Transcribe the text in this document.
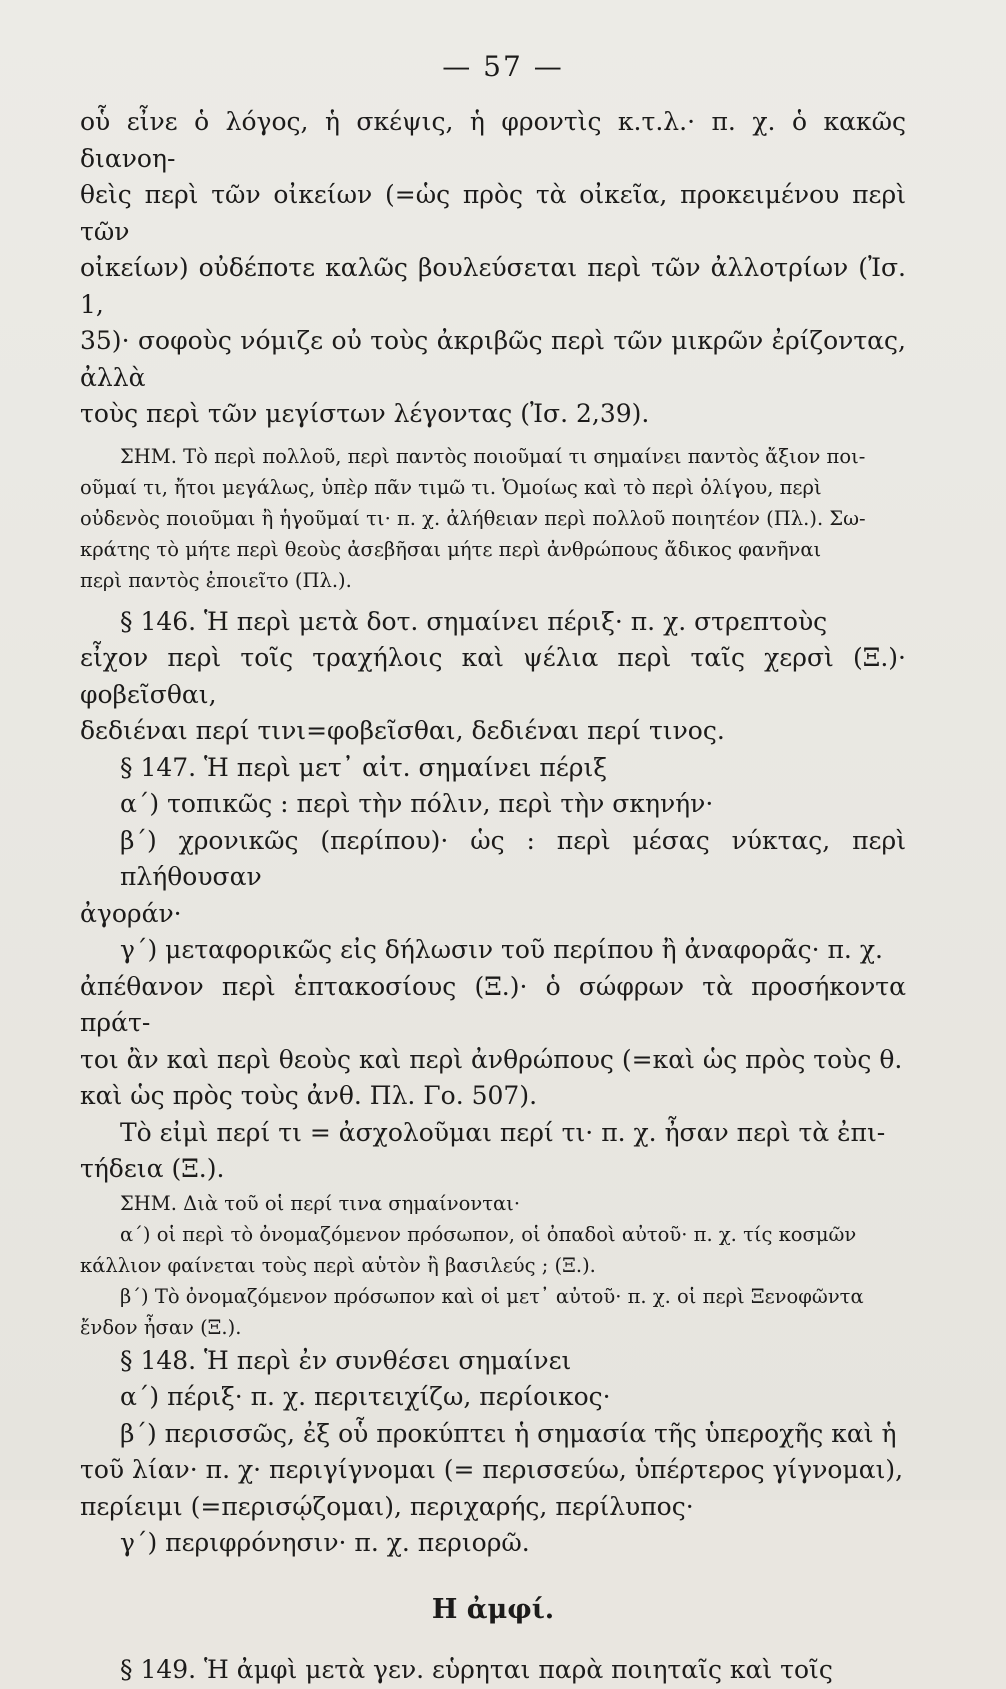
— 57 —

οὗ εἶνε ὁ λόγος, ἡ σκέψις, ἡ φροντὶς κ.τ.λ.· π. χ. ὁ κακῶς διανοη-

θεὶς περὶ τῶν οἰκείων (=ὡς πρὸς τὰ οἰκεῖα, προκειμένου περὶ τῶν

οἰκείων) οὐδέποτε καλῶς βουλεύσεται περὶ τῶν ἀλλοτρίων (Ἰσ. 1,

35)· σοφοὺς νόμιζε οὐ τοὺς ἀκριβῶς περὶ τῶν μικρῶν ἐρίζοντας, ἀλλὰ

τοὺς περὶ τῶν μεγίστων λέγοντας (Ἰσ. 2,39).

ΣΗΜ. Τὸ περὶ πολλοῦ, περὶ παντὸς ποιοῦμαί τι σημαίνει παντὸς ἄξιον ποι-

οῦμαί τι, ἤτοι μεγάλως, ὑπὲρ πᾶν τιμῶ τι. Ὁμοίως καὶ τὸ περὶ ὀλίγου, περὶ

οὐδενὸς ποιοῦμαι ἢ ἡγοῦμαί τι· π. χ. ἀλήθειαν περὶ πολλοῦ ποιητέον (Πλ.). Σω-

κράτης τὸ μήτε περὶ θεοὺς ἀσεβῆσαι μήτε περὶ ἀνθρώπους ἄδικος φανῆναι

περὶ παντὸς ἐποιεῖτο (Πλ.).

§ 146. Ἡ περὶ μετὰ δοτ. σημαίνει πέριξ· π. χ. στρεπτοὺς

εἶχον περὶ τοῖς τραχήλοις καὶ ψέλια περὶ ταῖς χερσὶ (Ξ.)· φοβεῖσθαι,

δεδιέναι περί τινι=φοβεῖσθαι, δεδιέναι περί τινος.

§ 147. Ἡ περὶ μετ᾽ αἰτ. σημαίνει πέριξ

α´) τοπικῶς : περὶ τὴν πόλιν, περὶ τὴν σκηνήν·

β´) χρονικῶς (περίπου)· ὡς : περὶ μέσας νύκτας, περὶ πλήθουσαν

ἀγοράν·

γ´) μεταφορικῶς εἰς δήλωσιν τοῦ περίπου ἢ ἀναφορᾶς· π. χ.

ἀπέθανον περὶ ἑπτακοσίους (Ξ.)· ὁ σώφρων τὰ προσήκοντα πράτ-

τοι ἂν καὶ περὶ θεοὺς καὶ περὶ ἀνθρώπους (=καὶ ὡς πρὸς τοὺς θ.

καὶ ὡς πρὸς τοὺς ἀνθ. Πλ. Γο. 507).

Τὸ εἰμὶ περί τι = ἀσχολοῦμαι περί τι· π. χ. ἦσαν περὶ τὰ ἐπι-

τήδεια (Ξ.).

ΣΗΜ. Διὰ τοῦ οἱ περί τινα σημαίνονται·

α´) οἱ περὶ τὸ ὀνομαζόμενον πρόσωπον, οἱ ὀπαδοὶ αὐτοῦ· π. χ. τίς κοσμῶν

κάλλιον φαίνεται τοὺς περὶ αὑτὸν ἢ βασιλεύς ; (Ξ.).

β´) Τὸ ὀνομαζόμενον πρόσωπον καὶ οἱ μετ᾽ αὐτοῦ· π. χ. οἱ περὶ Ξενοφῶντα

ἔνδον ἦσαν (Ξ.).

§ 148. Ἡ περὶ ἐν συνθέσει σημαίνει

α´) πέριξ· π. χ. περιτειχίζω, περίοικος·

β´) περισσῶς, ἐξ οὗ προκύπτει ἡ σημασία τῆς ὑπεροχῆς καὶ ἡ

τοῦ λίαν· π. χ· περιγίγνομαι (= περισσεύω, ὑπέρτερος γίγνομαι),

περίειμι (=περισῴζομαι), περιχαρής, περίλυπος·

γ´) περιφρόνησιν· π. χ. περιορῶ.

Η ἀμφί.

§ 149. Ἡ ἀμφὶ μετὰ γεν. εὑρηται παρὰ ποιηταῖς καὶ τοῖς
